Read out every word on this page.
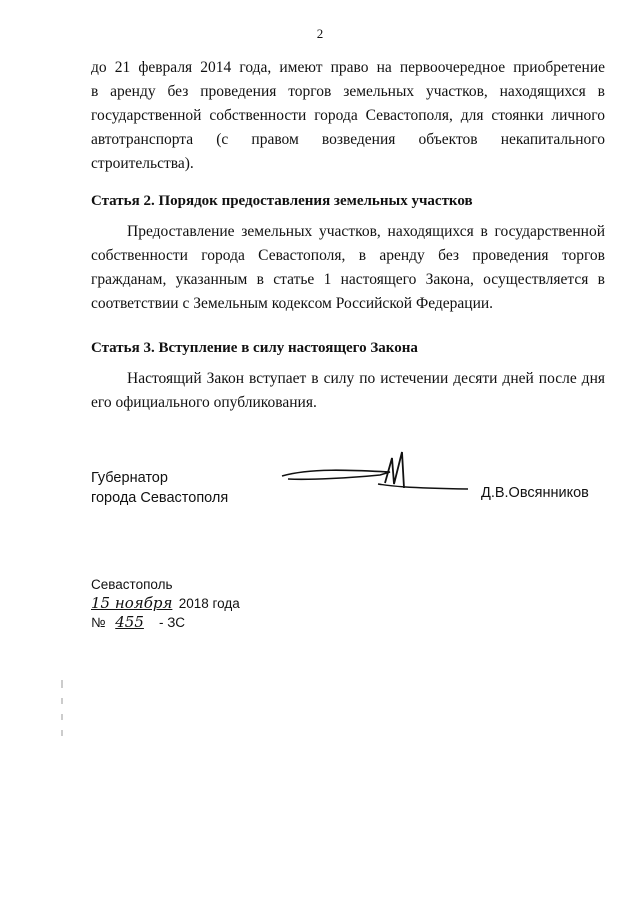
2
до 21 февраля 2014 года, имеют право на первоочередное приобретение
в аренду без проведения торгов земельных участков, находящихся в
государственной собственности города Севастополя, для стоянки личного
автотранспорта (с правом возведения объектов некапитального
строительства).
Статья 2. Порядок предоставления земельных участков
Предоставление земельных участков, находящихся в государственной
собственности города Севастополя, в аренду без проведения торгов
гражданам, указанным в статье 1 настоящего Закона, осуществляется в
соответствии с Земельным кодексом Российской Федерации.
Статья 3. Вступление в силу настоящего Закона
Настоящий Закон вступает в силу по истечении десяти дней после дня
его официального опубликования.
Губернатор
города Севастополя	Д.В.Овсянников
Севастополь
15 ноября 2018 года
№ 455 - ЗС
